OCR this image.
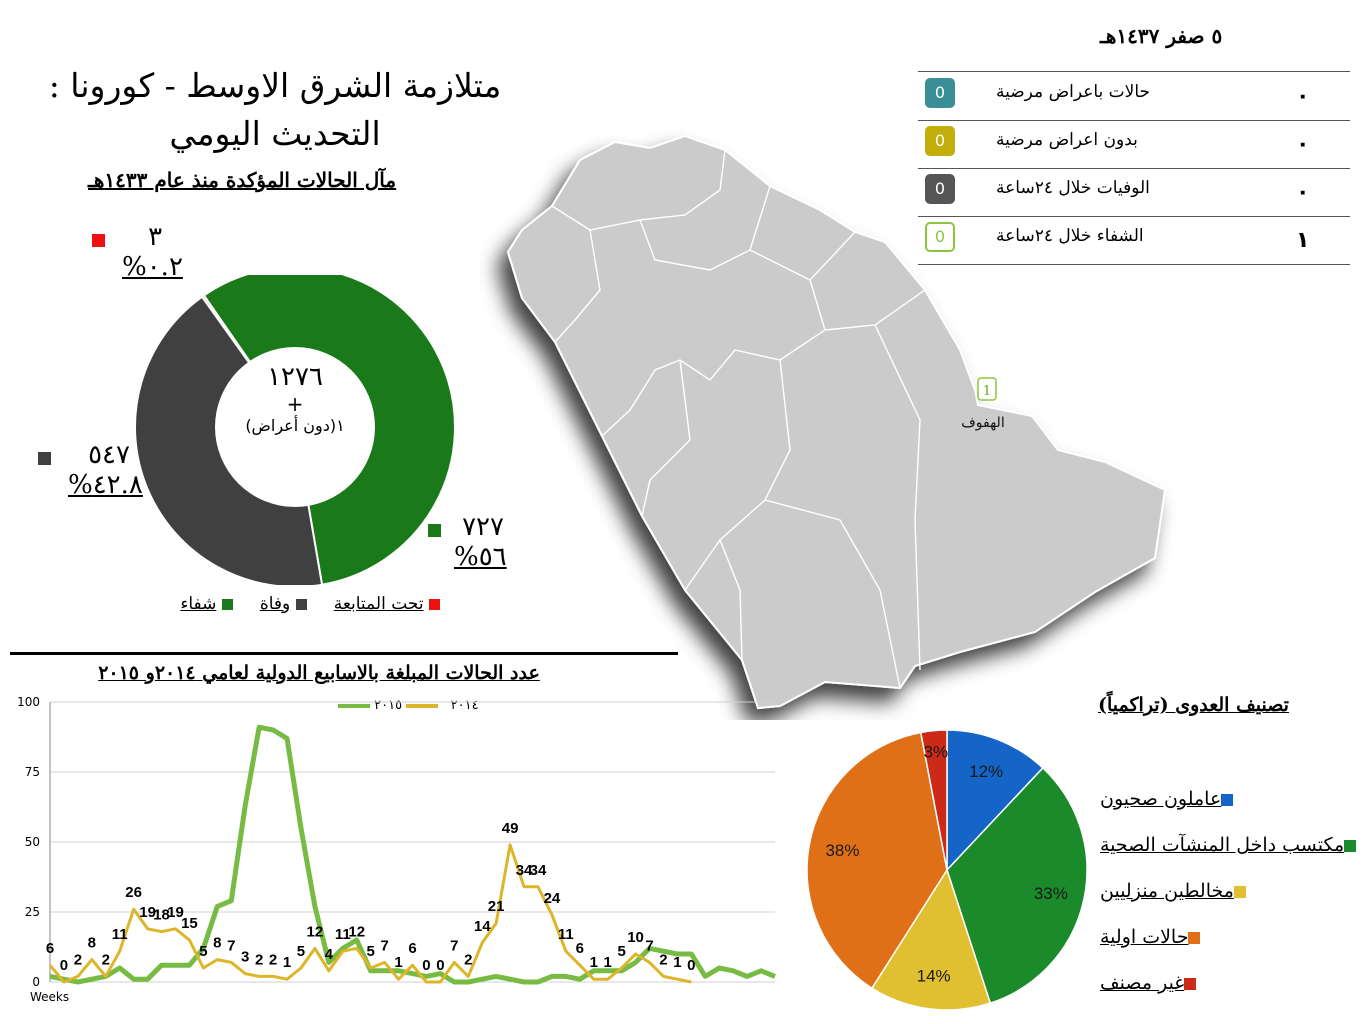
٥ صفر ١٤٣٧هـ
متلازمة الشرق الاوسط - كورونا :
التحديث اليومي
مآل الحالات المؤكدة منذ عام ١٤٣٣هـ
0	حالات باعراض مرضية	٠
0	بدون اعراض مرضية	٠
0	الوفيات خلال ٢٤ساعة	٠
0	الشفاء خلال ٢٤ساعة	١
1
الهفوف
١٢٧٦
+
١(دون أعراض)
٣
%٠.٢
٥٤٧
%٤٢.٨
٧٢٧
%٥٦
تحت المتابعة      وفاة      شفاء
عدد الحالات المبلغة بالاسابيع الدولية لعامي ٢٠١٤و ٢٠١٥
٢٠١٤    ٢٠١٥
100
75
50
25
0
Weeks
6
0 2
8
2
11
26
19
18
19
15
5 8 7
3 2 2 1
5
12
4
11
12
5 7
1
6
0 0
7
2
14
21
49
34
34
24
11
6
1 1
5
10 7
2 1 0
تصنيف العدوى (تراكمياً)
12%
33%
14%
38%
3%
عاملون صحيون
مكتسب داخل المنشآت الصحية
مخالطين منزليين
حالات اولية
غير مصنف
